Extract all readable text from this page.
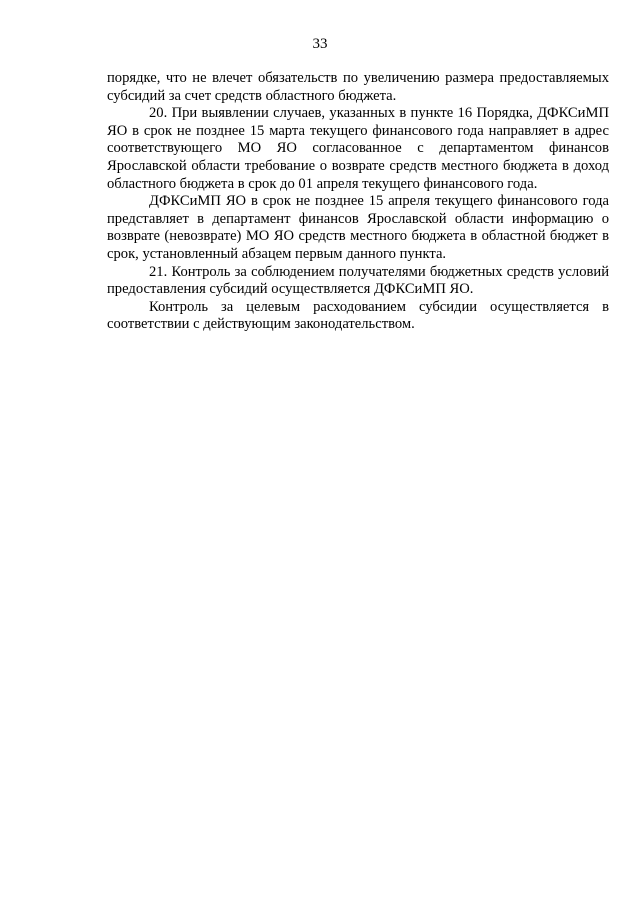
33

порядке, что не влечет обязательств по увеличению размера предоставляемых субсидий за счет средств областного бюджета.

20. При выявлении случаев, указанных в пункте 16 Порядка, ДФКСиМП ЯО в срок не позднее 15 марта текущего финансового года направляет в адрес соответствующего МО ЯО согласованное с департаментом финансов Ярославской области требование о возврате средств местного бюджета в доход областного бюджета в срок до 01 апреля текущего финансового года.

ДФКСиМП ЯО в срок не позднее 15 апреля текущего финансового года представляет в департамент финансов Ярославской области информацию о возврате (невозврате) МО ЯО средств местного бюджета в областной бюджет в срок, установленный абзацем первым данного пункта.

21. Контроль за соблюдением получателями бюджетных средств условий предоставления субсидий осуществляется ДФКСиМП ЯО.

Контроль за целевым расходованием субсидии осуществляется в соответствии с действующим законодательством.
